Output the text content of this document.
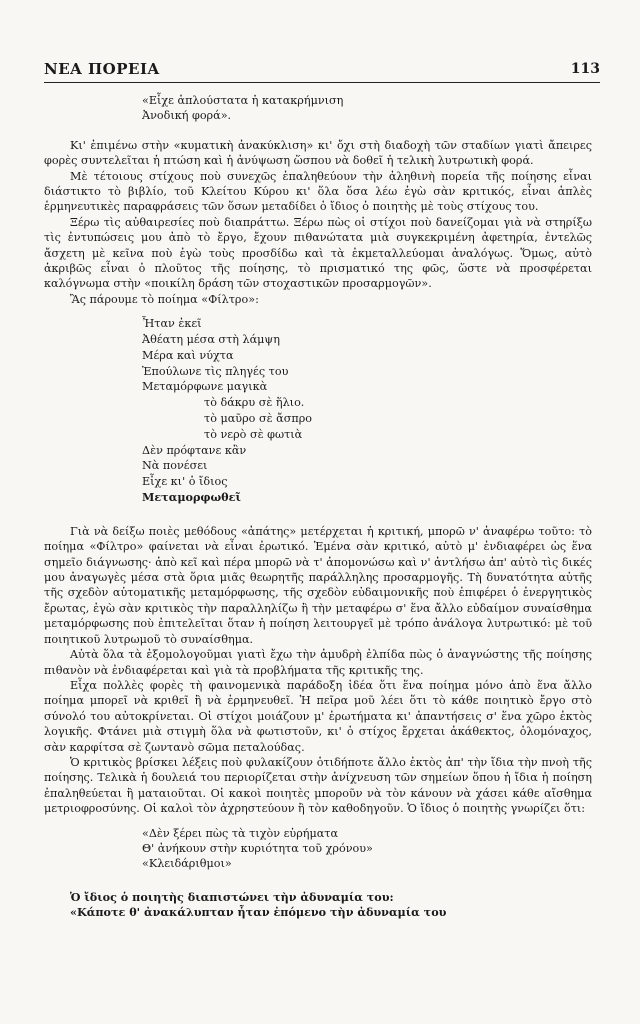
ΝΕΑ ΠΟΡΕΙΑ	113

«Εἶχε ἁπλούστατα ἡ κατακρήμνιση

Ἀνοδική φορά».

Κι' ἐπιμένω στὴν «κυματικὴ ἀνακύκλιση» κι' ὄχι στὴ διαδοχὴ τῶν σταδίων γιατὶ ἄπειρες φορὲς συντελεῖται ἡ πτώση καὶ ἡ ἀνύψωση ὥσπου νὰ δοθεῖ ἡ τελικὴ λυτρωτικὴ φορά.

Μὲ τέτοιους στίχους ποὺ συνεχῶς ἐπαληθεύουν τὴν ἀληθινὴ πορεία τῆς ποίησης εἶναι διάστικτο τὸ βιβλίο, τοῦ Κλείτου Κύρου κι' ὅλα ὅσα λέω ἐγὼ σὰν κριτικός, εἶναι ἁπλὲς ἑρμηνευτικὲς παραφράσεις τῶν ὅσων μεταδίδει ὁ ἴδιος ὁ ποιητὴς μὲ τοὺς στίχους του.

Ξέρω τὶς αὐθαιρεσίες ποὺ διαπράττω. Ξέρω πὼς οἱ στίχοι ποὺ δανείζομαι γιὰ νὰ στηρίξω τὶς ἐντυπώσεις μου ἀπὸ τὸ ἔργο, ἔχουν πιθανώτατα μιὰ συγκεκριμένη ἀφετηρία, ἐντελῶς ἄσχετη μὲ κεῖνα ποὺ ἐγὼ τοὺς προσδίδω καὶ τὰ ἐκμεταλλεύομαι ἀναλόγως. Ὅμως, αὐτὸ ἀκριβῶς εἶναι ὁ πλοῦτος τῆς ποίησης, τὸ πρισματικό της φῶς, ὥστε νὰ προσφέρεται καλόγνωμα στὴν «ποικίλη δράση τῶν στοχαστικῶν προσαρμογῶν».

Ἂς πάρουμε τὸ ποίημα «Φίλτρο»:

Ἦταν ἐκεῖ

Ἀθέατη μέσα στὴ λάμψη

Μέρα καὶ νύχτα

Ἐπούλωνε τὶς πληγές του

Μεταμόρφωνε μαγικὰ

τὸ δάκρυ σὲ ἥλιο.

τὸ μαῦρο σὲ ἄσπρο

τὸ νερὸ σὲ φωτιὰ

Δὲν πρόφτανε κἂν

Νὰ πονέσει

Εἶχε κι' ὁ ἴδιος

Μεταμορφωθεῖ

Γιὰ νὰ δείξω ποιὲς μεθόδους «ἀπάτης» μετέρχεται ἡ κριτική, μπορῶ ν' ἀναφέρω τοῦτο: τὸ ποίημα «Φίλτρο» φαίνεται νὰ εἶναι ἐρωτικό. Ἐμένα σὰν κριτικό, αὐτὸ μ' ἐνδιαφέρει ὡς ἕνα σημεῖο διάγνωσης· ἀπὸ κεῖ καὶ πέρα μπορῶ νὰ τ' ἀπομονώσω καὶ ν' ἀντλήσω ἀπ' αὐτὸ τὶς δικές μου ἀναγωγὲς μέσα στὰ ὅρια μιᾶς θεωρητῆς παράλληλης προσαρμογῆς. Τὴ δυνατότητα αὐτῆς τῆς σχεδὸν αὐτοματικῆς μεταμόρφωσης, τῆς σχεδὸν εὐδαιμονικῆς ποὺ ἐπιφέρει ὁ ἐνεργητικὸς ἔρωτας, ἐγὼ σὰν κριτικὸς τὴν παραλληλίζω ἢ τὴν μεταφέρω σ' ἕνα ἄλλο εὐδαίμον συναίσθημα μεταμόρφωσης ποὺ ἐπιτελεῖται ὅταν ἡ ποίηση λειτουργεῖ μὲ τρόπο ἀνάλογα λυτρωτικό: μὲ τοῦ ποιητικοῦ λυτρωμοῦ τὸ συναίσθημα.

Αὐτὰ ὅλα τὰ ἐξομολογοῦμαι γιατὶ ἔχω τὴν ἀμυδρὴ ἐλπίδα πὼς ὁ ἀναγνώστης τῆς ποίησης πιθανὸν νὰ ἐνδιαφέρεται καὶ γιὰ τὰ προβλήματα τῆς κριτικῆς της.

Εἶχα πολλὲς φορὲς τὴ φαινομενικὰ παράδοξη ἰδέα ὅτι ἕνα ποίημα μόνο ἀπὸ ἕνα ἄλλο ποίημα μπορεῖ νὰ κριθεῖ ἢ νὰ ἑρμηνευθεῖ. Ἡ πεῖρα μοῦ λέει ὅτι τὸ κάθε ποιητικὸ ἔργο στὸ σύνολό του αὐτοκρίνεται. Οἱ στίχοι μοιάζουν μ' ἐρωτήματα κι' ἀπαντήσεις σ' ἕνα χῶρο ἐκτὸς λογικῆς. Φτάνει μιὰ στιγμὴ ὅλα νὰ φωτιστοῦν, κι' ὁ στίχος ἔρχεται ἀκάθεκτος, ὁλομόναχος, σὰν καρφίτσα σὲ ζωντανὸ σῶμα πεταλούδας.

Ὁ κριτικὸς βρίσκει λέξεις ποὺ φυλακίζουν ὁτιδήποτε ἄλλο ἐκτὸς ἀπ' τὴν ἴδια τὴν πνοὴ τῆς ποίησης. Τελικὰ ἡ δουλειά του περιορίζεται στὴν ἀνίχνευση τῶν σημείων ὅπου ἡ ἴδια ἡ ποίηση ἐπαληθεύεται ἢ ματαιοῦται. Οἱ κακοὶ ποιητὲς μποροῦν νὰ τὸν κάνουν νὰ χάσει κάθε αἴσθημα μετριοφροσύνης. Οἱ καλοὶ τὸν ἀχρηστεύουν ἢ τὸν καθοδηγοῦν. Ὁ ἴδιος ὁ ποιητὴς γνωρίζει ὅτι:

«Δὲν ξέρει πὼς τὰ τιχὸν εὑρήματα

Θ' ἀνήκουν στὴν κυριότητα τοῦ χρόνου»

«Κλειδάριθμοι»

Ὁ ἴδιος ὁ ποιητὴς διαπιστώνει τὴν ἀδυναμία του:

«Κάποτε θ' ἀνακάλυπταν ἦταν ἐπόμενο τὴν ἀδυναμία του
